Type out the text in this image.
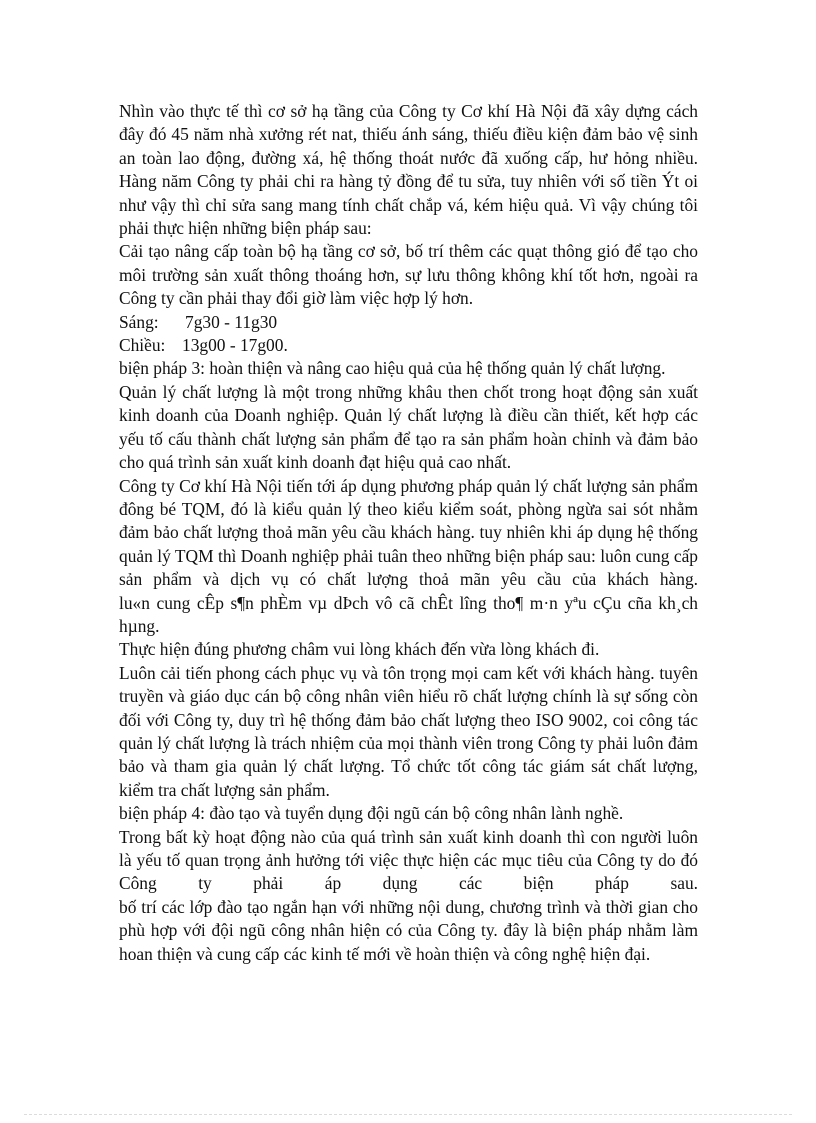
Nhìn vào thực tế thì cơ sở hạ tầng của Công ty Cơ khí Hà Nội đã xây dựng cách đây đó 45 năm nhà xưởng rét nat, thiếu ánh sáng, thiếu điều kiện đảm bảo vệ sinh an toàn lao động, đường xá, hệ thống thoát nước đã xuống cấp, hư hỏng nhiều. Hàng năm Công ty phải chi ra hàng tỷ đồng để tu sửa, tuy nhiên với số tiền Ýt oi như vậy thì chỉ sửa sang mang tính chất chắp vá, kém hiệu quả. Vì vậy chúng tôi phải thực hiện những biện pháp sau:

Cải tạo nâng cấp toàn bộ hạ tầng cơ sở, bố trí thêm các quạt thông gió để tạo cho môi trường sản xuất thông thoáng hơn, sự lưu thông không khí tốt hơn, ngoài ra Công ty cần phải thay đổi giờ làm việc hợp lý hơn.

Sáng: 7g30 - 11g30

Chiều: 13g00 - 17g00.

biện pháp 3: hoàn thiện và nâng cao hiệu quả của hệ thống quản lý chất lượng.

Quản lý chất lượng là một trong những khâu then chốt trong hoạt động sản xuất kinh doanh của Doanh nghiệp. Quản lý chất lượng là điều cần thiết, kết hợp các yếu tố cấu thành chất lượng sản phẩm để tạo ra sản phẩm hoàn chỉnh và đảm bảo cho quá trình sản xuất kinh doanh đạt hiệu quả cao nhất.

Công ty Cơ khí Hà Nội tiến tới áp dụng phương pháp quản lý chất lượng sản phẩm đông bé TQM, đó là kiểu quản lý theo kiểu kiểm soát, phòng ngừa sai sót nhằm đảm bảo chất lượng thoả mãn yêu cầu khách hàng. tuy nhiên khi áp dụng hệ thống quản lý TQM thì Doanh nghiệp phải tuân theo những biện pháp sau: luôn cung cấp sản phẩm và dịch vụ có chất lượng thoả mãn yêu cầu của khách hàng.

lu«n cung cÊp s¶n phÈm vµ dÞch vô cã chÊt lîng tho¶ m·n yªu cÇu cña kh¸ch hµng.

Thực hiện đúng phương châm vui lòng khách đến vừa lòng khách đi.

Luôn cải tiến phong cách phục vụ và tôn trọng mọi cam kết với khách hàng. tuyên truyền và giáo dục cán bộ công nhân viên hiểu rõ chất lượng chính là sự sống còn đối với Công ty, duy trì hệ thống đảm bảo chất lượng theo ISO 9002, coi công tác quản lý chất lượng là trách nhiệm của mọi thành viên trong Công ty phải luôn đảm bảo và tham gia quản lý chất lượng. Tổ chức tốt công tác giám sát chất lượng, kiểm tra chất lượng sản phẩm.

biện pháp 4: đào tạo và tuyển dụng đội ngũ cán bộ công nhân lành nghề.

Trong bất kỳ hoạt động nào của quá trình sản xuất kinh doanh thì con người luôn là yếu tố quan trọng ảnh hưởng tới việc thực hiện các mục tiêu của Công ty do đó Công ty phải áp dụng các biện pháp sau.

bố trí các lớp đào tạo ngắn hạn với những nội dung, chương trình và thời gian cho phù hợp với đội ngũ công nhân hiện có của Công ty. đây là biện pháp nhằm làm hoan thiện và cung cấp các kinh tế mới về hoàn thiện và công nghệ hiện đại.
